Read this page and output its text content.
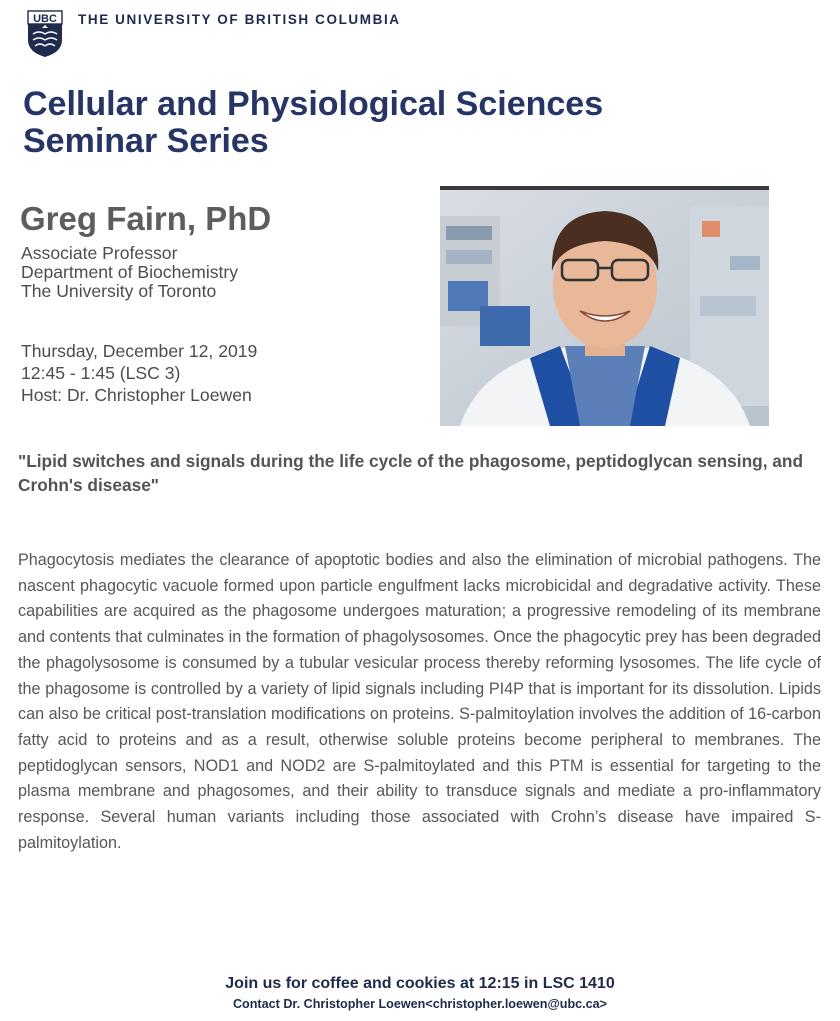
UBC THE UNIVERSITY OF BRITISH COLUMBIA
Cellular and Physiological Sciences
Seminar Series
Greg Fairn, PhD
Associate Professor
Department of Biochemistry
The University of Toronto
Thursday, December 12, 2019
12:45 - 1:45 (LSC 3)
Host: Dr. Christopher Loewen

"Lipid switches and signals during the life cycle of the phagosome, peptidoglycan sensing, and Crohn's disease"

Phagocytosis mediates the clearance of apoptotic bodies and also the elimination of microbial pathogens. The nascent phagocytic vacuole formed upon particle engulfment lacks microbicidal and degradative activity. These capabilities are acquired as the phagosome undergoes maturation; a progressive remodeling of its membrane and contents that culminates in the formation of phagolysosomes. Once the phagocytic prey has been degraded the phagolysosome is consumed by a tubular vesicular process thereby reforming lysosomes. The life cycle of the phagosome is controlled by a variety of lipid signals including PI4P that is important for its dissolution. Lipids can also be critical post-translation modifications on proteins. S-palmitoylation involves the addition of 16-carbon fatty acid to proteins and as a result, otherwise soluble proteins become peripheral to membranes. The peptidoglycan sensors, NOD1 and NOD2 are S-palmitoylated and this PTM is essential for targeting to the plasma membrane and phagosomes, and their ability to transduce signals and mediate a pro-inflammatory response. Several human variants including those associated with Crohn’s disease have impaired S-palmitoylation.

Join us for coffee and cookies at 12:15 in LSC 1410
Contact Dr. Christopher Loewen<christopher.loewen@ubc.ca>
